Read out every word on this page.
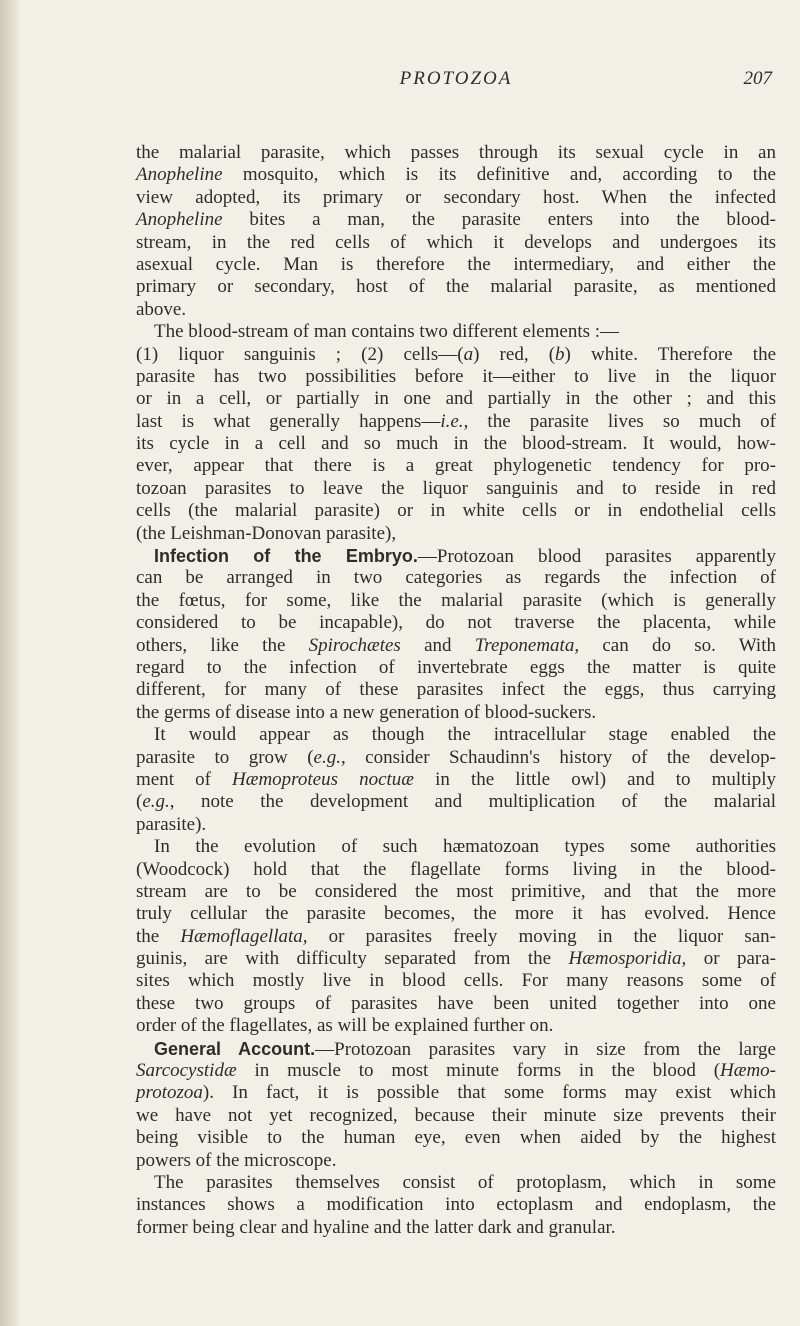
PROTOZOA	207
the malarial parasite, which passes through its sexual cycle in an
Anopheline mosquito, which is its definitive and, according to the
view adopted, its primary or secondary host. When the infected
Anopheline bites a man, the parasite enters into the blood-
stream, in the red cells of which it develops and undergoes its
asexual cycle. Man is therefore the intermediary, and either the
primary or secondary, host of the malarial parasite, as mentioned
above.
The blood-stream of man contains two different elements :—
(1) liquor sanguinis ; (2) cells—(a) red, (b) white. Therefore the
parasite has two possibilities before it—either to live in the liquor
or in a cell, or partially in one and partially in the other ; and this
last is what generally happens—i.e., the parasite lives so much of
its cycle in a cell and so much in the blood-stream. It would, how-
ever, appear that there is a great phylogenetic tendency for pro-
tozoan parasites to leave the liquor sanguinis and to reside in red
cells (the malarial parasite) or in white cells or in endothelial cells
(the Leishman-Donovan parasite),
Infection of the Embryo.—Protozoan blood parasites apparently
can be arranged in two categories as regards the infection of
the fœtus, for some, like the malarial parasite (which is generally
considered to be incapable), do not traverse the placenta, while
others, like the Spirochætes and Treponemata, can do so. With
regard to the infection of invertebrate eggs the matter is quite
different, for many of these parasites infect the eggs, thus carrying
the germs of disease into a new generation of blood-suckers.
It would appear as though the intracellular stage enabled the
parasite to grow (e.g., consider Schaudinn's history of the develop-
ment of Hæmoproteus noctuæ in the little owl) and to multiply
(e.g., note the development and multiplication of the malarial
parasite).
In the evolution of such hæmatozoan types some authorities
(Woodcock) hold that the flagellate forms living in the blood-
stream are to be considered the most primitive, and that the more
truly cellular the parasite becomes, the more it has evolved. Hence
the Hæmoflagellata, or parasites freely moving in the liquor san-
guinis, are with difficulty separated from the Hæmosporidia, or para-
sites which mostly live in blood cells. For many reasons some of
these two groups of parasites have been united together into one
order of the flagellates, as will be explained further on.
General Account.—Protozoan parasites vary in size from the large
Sarcocystidæ in muscle to most minute forms in the blood (Hæmo-
protozoa). In fact, it is possible that some forms may exist which
we have not yet recognized, because their minute size prevents their
being visible to the human eye, even when aided by the highest
powers of the microscope.
The parasites themselves consist of protoplasm, which in some
instances shows a modification into ectoplasm and endoplasm, the
former being clear and hyaline and the latter dark and granular.
